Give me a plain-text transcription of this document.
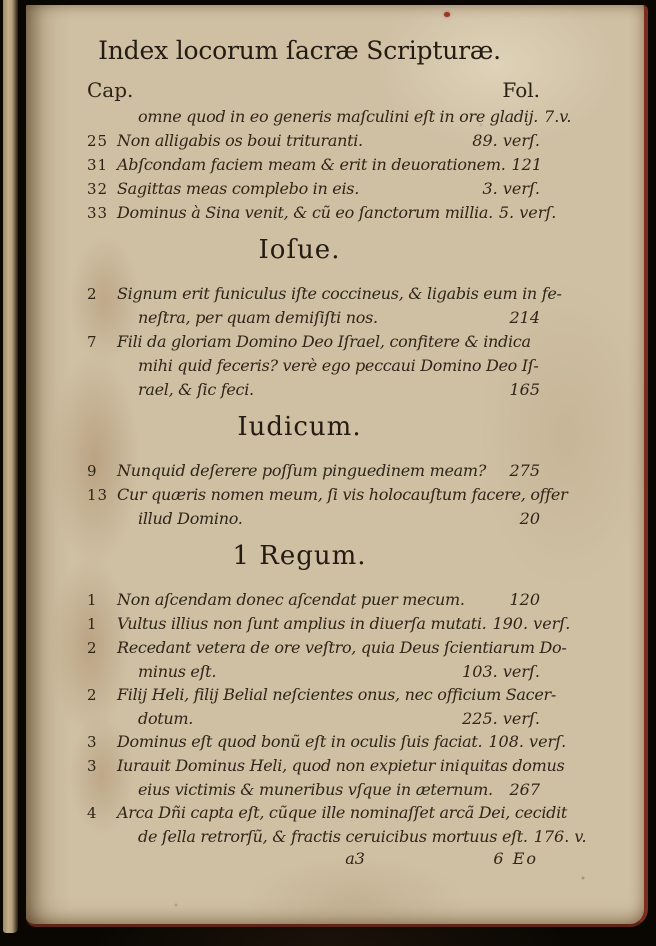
Index locorum ſacræ Scripturæ.
Cap.	Fol.
omne quod in eo generis maſculini eſt in ore gladij. 7.v.
25 Non alligabis os boui trituranti.	89. verſ.
31 Abſcondam faciem meam & erit in deuorationem. 121
32 Sagittas meas complebo in eis.	3. verſ.
33 Dominus à Sina venit, & cũ eo ſanctorum millia. 5. verſ.
Ioſue.
2	Signum erit funiculus iſte coccineus, & ligabis eum in fe-
neſtra, per quam demiſiſti nos.	214
7	Fili da gloriam Domino Deo Iſrael, confitere & indica
mihi quid feceris? verè ego peccaui Domino Deo Iſ-
rael, & ſic feci.	165
Iudicum.
9	Nunquid deſerere poſſum pinguedinem meam?	275
13 Cur quæris nomen meum, ſi vis holocauſtum facere, offer
illud Domino.	20
1 Regum.
1	Non aſcendam donec aſcendat puer mecum.	120
1	Vultus illius non ſunt amplius in diuerſa mutati. 190. verſ.
2	Recedant vetera de ore veſtro, quia Deus ſcientiarum Do-
minus eſt.	103. verſ.
2	Filij Heli, filij Belial neſcientes onus, nec officium Sacer-
dotum.	225. verſ.
3	Dominus eſt quod bonũ eſt in oculis ſuis faciat. 108. verſ.
3	Iurauit Dominus Heli, quod non expietur iniquitas domus
eius victimis & muneribus vſque in æternum.	267
4	Arca Dñi capta eſt, cũque ille nominaſſet arcã Dei, cecidit
de ſella retrorſũ, & fractis ceruicibus mortuus eſt. 176. v.
a3	6 Eo
